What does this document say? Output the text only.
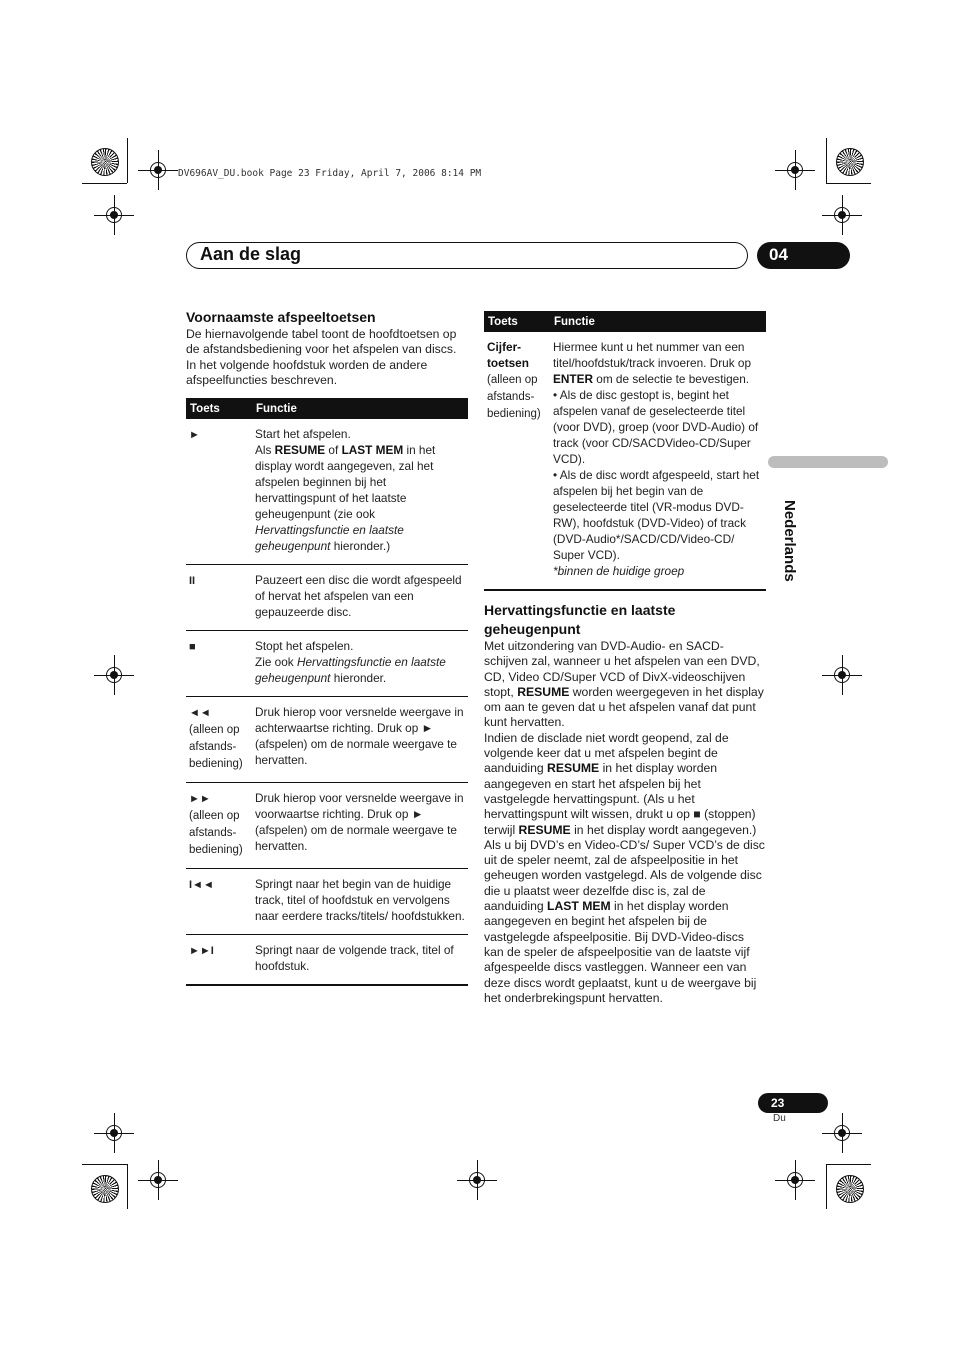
DV696AV_DU.book Page 23 Friday, April 7, 2006 8:14 PM
Aan de slag	04
Nederlands
Voornaamste afspeeltoetsen

De hiernavolgende tabel toont de hoofdtoetsen op de afstandsbediening voor het afspelen van discs. In het volgende hoofdstuk worden de andere afspeelfuncties beschreven.

Toets	Functie
►	Start het afspelen.
Als RESUME of LAST MEM in het display wordt aangegeven, zal het afspelen beginnen bij het hervattingspunt of het laatste geheugenpunt (zie ook Hervattingsfunctie en laatste geheugenpunt hieronder.)
II	Pauzeert een disc die wordt afgespeeld of hervat het afspelen van een gepauzeerde disc.
■	Stopt het afspelen.
Zie ook Hervattingsfunctie en laatste geheugenpunt hieronder.
◄◄
(alleen op afstands-bediening)	Druk hierop voor versnelde weergave in achterwaartse richting. Druk op ► (afspelen) om de normale weergave te hervatten.
►►
(alleen op afstands-bediening)	Druk hierop voor versnelde weergave in voorwaartse richting. Druk op ► (afspelen) om de normale weergave te hervatten.
I◄◄	Springt naar het begin van de huidige track, titel of hoofdstuk en vervolgens naar eerdere tracks/titels/ hoofdstukken.
►►I	Springt naar de volgende track, titel of hoofdstuk.
Toets	Functie
Cijfer-toetsen
(alleen op afstands-bediening)	Hiermee kunt u het nummer van een titel/hoofdstuk/track invoeren. Druk op ENTER om de selectie te bevestigen.
• Als de disc gestopt is, begint het afspelen vanaf de geselecteerde titel (voor DVD), groep (voor DVD-Audio) of track (voor CD/SACDVideo-CD/Super VCD).
• Als de disc wordt afgespeeld, start het afspelen bij het begin van de geselecteerde titel (VR-modus DVD-RW), hoofdstuk (DVD-Video) of track (DVD-Audio*/SACD/CD/Video-CD/ Super VCD).
*binnen de huidige groep
Hervattingsfunctie en laatste geheugenpunt

Met uitzondering van DVD-Audio- en SACD-schijven zal, wanneer u het afspelen van een DVD, CD, Video CD/Super VCD of DivX-videoschijven stopt, RESUME worden weergegeven in het display om aan te geven dat u het afspelen vanaf dat punt kunt hervatten.

Indien de disclade niet wordt geopend, zal de volgende keer dat u met afspelen begint de aanduiding RESUME in het display worden aangegeven en start het afspelen bij het vastgelegde hervattingspunt. (Als u het hervattingspunt wilt wissen, drukt u op ■ (stoppen) terwijl RESUME in het display wordt aangegeven.)

Als u bij DVD’s en Video-CD’s/ Super VCD’s de disc uit de speler neemt, zal de afspeelpositie in het geheugen worden vastgelegd. Als de volgende disc die u plaatst weer dezelfde disc is, zal de aanduiding LAST MEM in het display worden aangegeven en begint het afspelen bij de vastgelegde afspeelpositie. Bij DVD-Video-discs kan de speler de afspeelpositie van de laatste vijf afgespeelde discs vastleggen. Wanneer een van deze discs wordt geplaatst, kunt u de weergave bij het onderbrekingspunt hervatten.

23
Du
